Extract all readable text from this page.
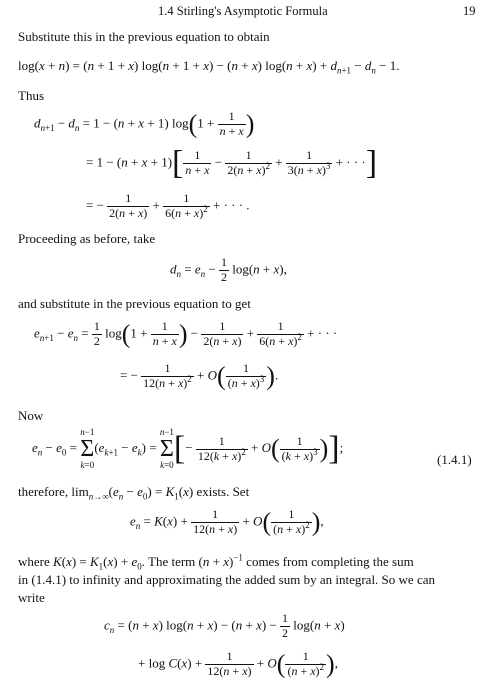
1.4 Stirling's Asymptotic Formula	19
Substitute this in the previous equation to obtain
log(x + n) = (n + 1 + x) log(n + 1 + x) − (n + x) $\log(n + x) + d_{n+1} - d_n - 1$.
Thus
$d_{n+1} - d_n = 1 - (n + x + 1) \log(1 + \frac{1}{n + x}$ )
= $1 - (n + x + 1)[ \frac{1}{n + x} - \frac{1}{2(n + x)^2} + \frac{1}{3(n + x)^3}$ + · · ·]
= − $\frac{1}{2(n + x)} + \frac{1}{6(n + x)^2}$ + · · · .
Proceeding as before, take
$d_n = e_n - \frac{1}{2} \log(n + x)$,
and substitute in the previous equation to get
$e_{n+1} - e_n = \frac{1}{2} \log(1 + \frac{1}{n + x}$ ) − $\frac{1}{2(n + x)} + \frac{1}{6(n + x)^2}$ + · · ·
= − $\frac{1}{12(n + x)^2} + O( \frac{1}{(n + x)^3}$ ).
Now
$e_n - e_0 = n-1$
Σ
$k=0(e_{k+1} - e_k) = n-1$
Σ
$k=0[- \frac{1}{12(k + x)^2} + O( \frac{1}{(k + x)^3}$ )];
(1.4.1)
therefore, $\lim_{n\to\infty}(e_n - e_0) = K_1(x)$ exists. Set
$e_n = K(x) + \frac{1}{12(n + x)} + O( \frac{1}{(n + x)^2}$ ),
where $K(x) = K_1(x) + e_0$. The term $(n + x)^{-1}$ comes from completing the sum
in (1.4.1) to infinity and approximating the added sum by an integral. So we can
write
$c_n = (n + x) \log(n + x) - (n + x) - \frac{1}{2} \log(n + x)$
+ $\log C(x) + \frac{1}{12(n + x)} + O( \frac{1}{(n + x)^2}$ ),
